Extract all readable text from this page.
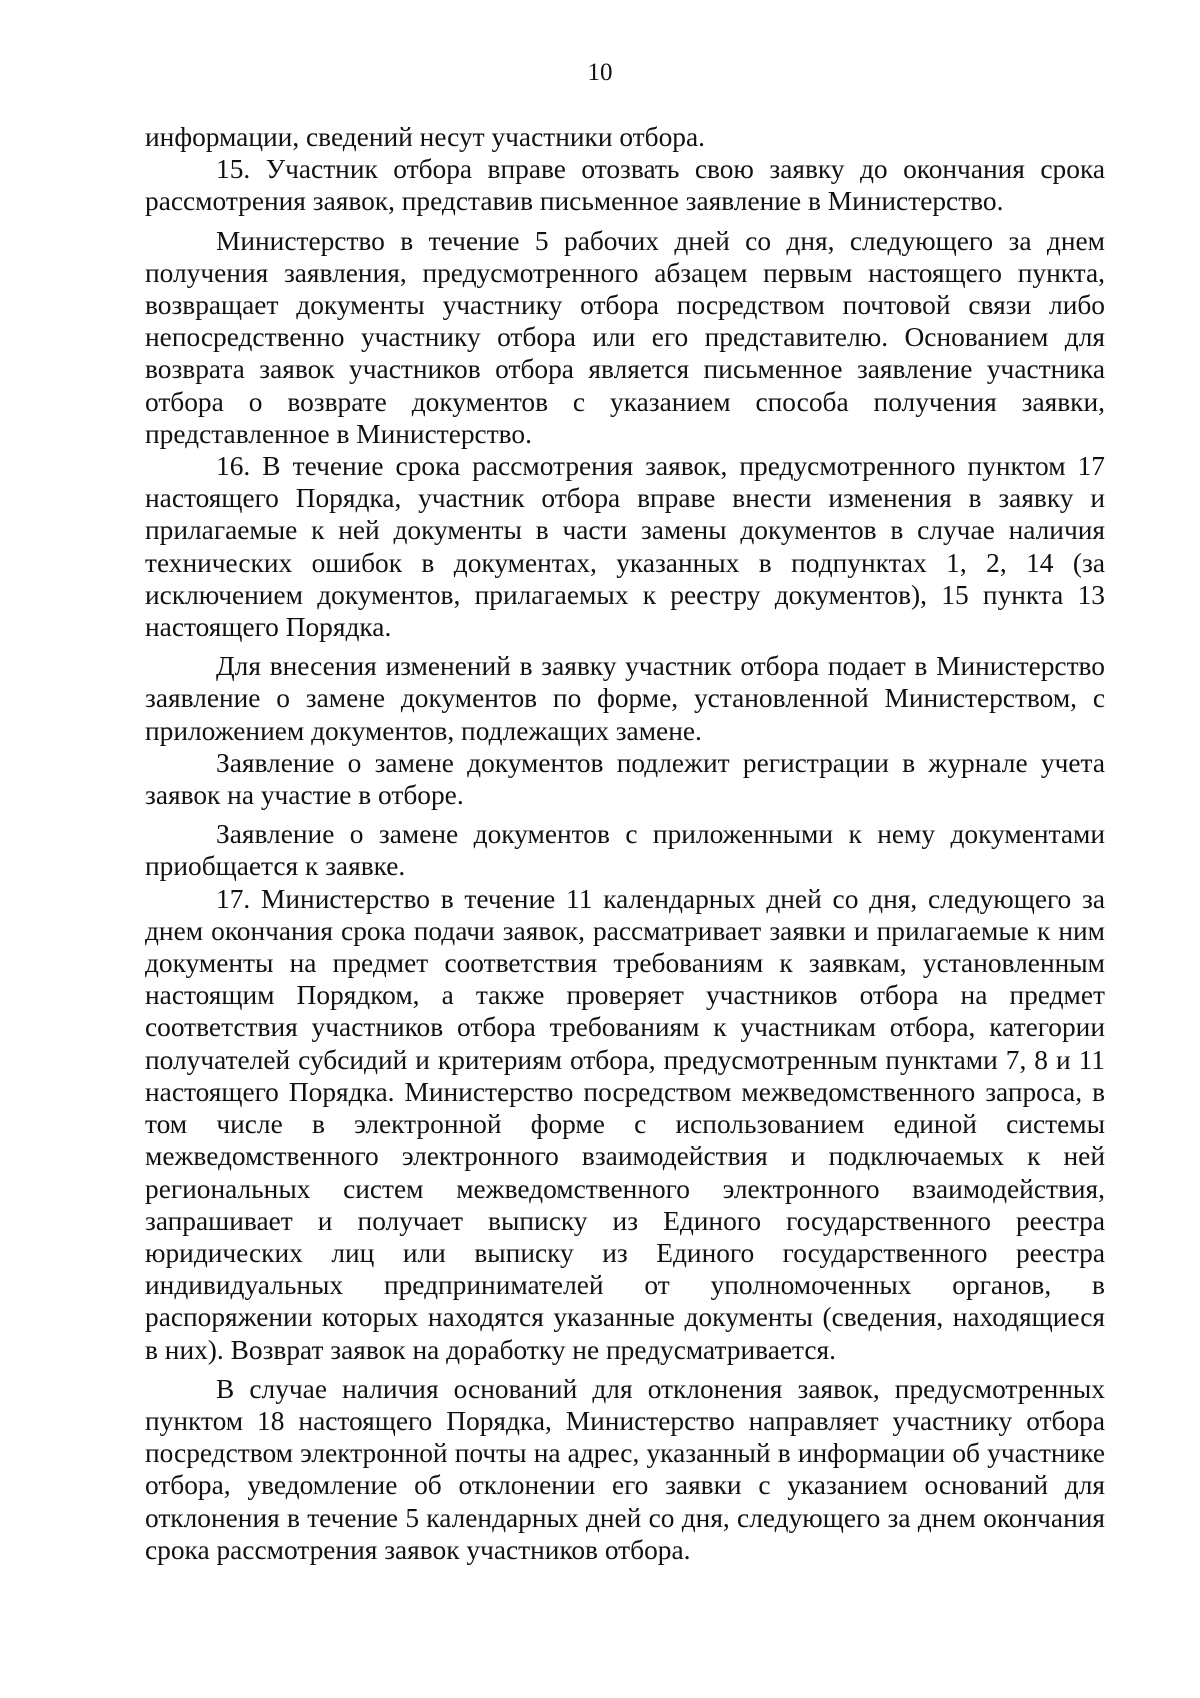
10

информации, сведений несут участники отбора.

15. Участник отбора вправе отозвать свою заявку до окончания срока рассмотрения заявок, представив письменное заявление в Министерство.

Министерство в течение 5 рабочих дней со дня, следующего за днем получения заявления, предусмотренного абзацем первым настоящего пункта, возвращает документы участнику отбора посредством почтовой связи либо непосредственно участнику отбора или его представителю. Основанием для возврата заявок участников отбора является письменное заявление участника отбора о возврате документов с указанием способа получения заявки, представленное в Министерство.

16. В течение срока рассмотрения заявок, предусмотренного пунктом 17 настоящего Порядка, участник отбора вправе внести изменения в заявку и прилагаемые к ней документы в части замены документов в случае наличия технических ошибок в документах, указанных в подпунктах 1, 2, 14 (за исключением документов, прилагаемых к реестру документов), 15 пункта 13 настоящего Порядка.

Для внесения изменений в заявку участник отбора подает в Министерство заявление о замене документов по форме, установленной Министерством, с приложением документов, подлежащих замене.

Заявление о замене документов подлежит регистрации в журнале учета заявок на участие в отборе.

Заявление о замене документов с приложенными к нему документами приобщается к заявке.

17. Министерство в течение 11 календарных дней со дня, следующего за днем окончания срока подачи заявок, рассматривает заявки и прилагаемые к ним документы на предмет соответствия требованиям к заявкам, установленным настоящим Порядком, а также проверяет участников отбора на предмет соответствия участников отбора требованиям к участникам отбора, категории получателей субсидий и критериям отбора, предусмотренным пунктами 7, 8 и 11 настоящего Порядка. Министерство посредством межведомственного запроса, в том числе в электронной форме с использованием единой системы межведомственного электронного взаимодействия и подключаемых к ней региональных систем межведомственного электронного взаимодействия, запрашивает и получает выписку из Единого государственного реестра юридических лиц или выписку из Единого государственного реестра индивидуальных предпринимателей от уполномоченных органов, в распоряжении которых находятся указанные документы (сведения, находящиеся в них). Возврат заявок на доработку не предусматривается.

В случае наличия оснований для отклонения заявок, предусмотренных пунктом 18 настоящего Порядка, Министерство направляет участнику отбора посредством электронной почты на адрес, указанный в информации об участнике отбора, уведомление об отклонении его заявки с указанием оснований для отклонения в течение 5 календарных дней со дня, следующего за днем окончания срока рассмотрения заявок участников отбора.
